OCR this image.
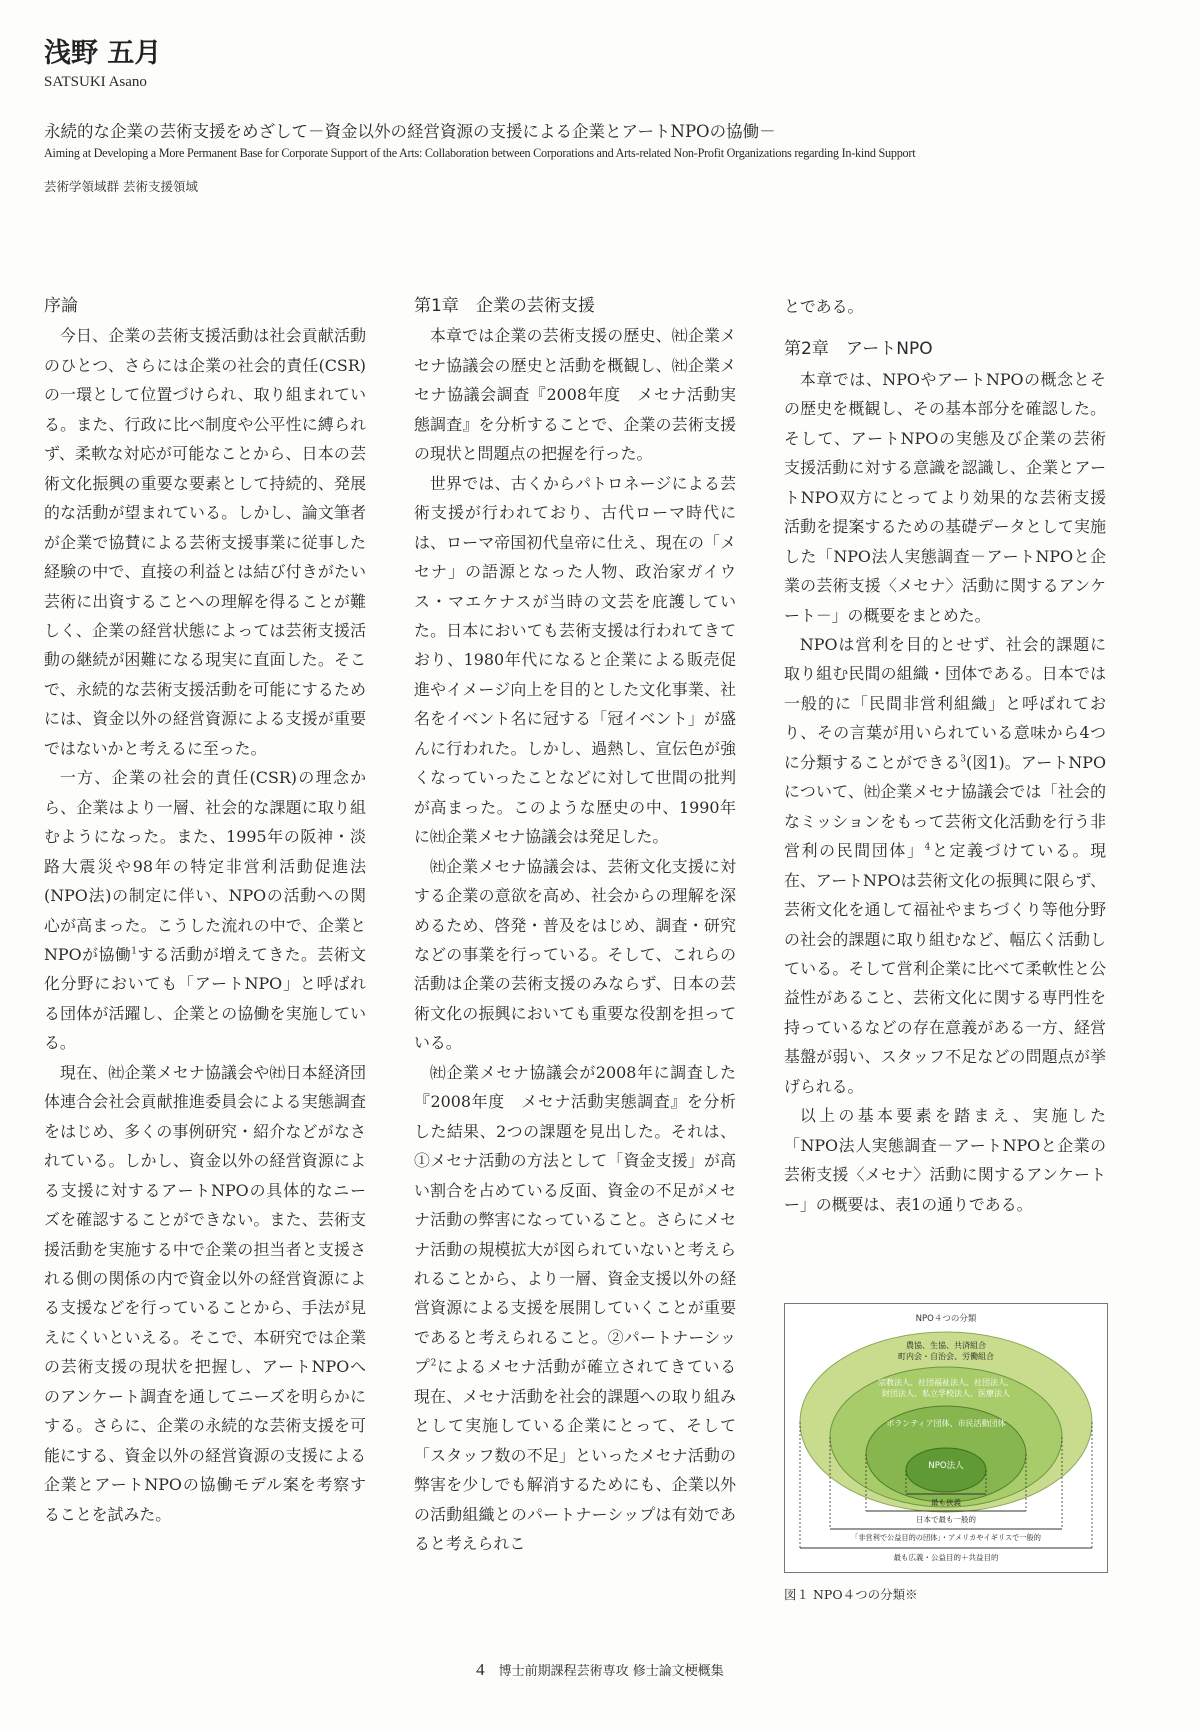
浅野 五月
SATSUKI Asano
永続的な企業の芸術支援をめざして－資金以外の経営資源の支援による企業とアートNPOの協働－
Aiming at Developing a More Permanent Base for Corporate Support of the Arts: Collaboration between Corporations and Arts-related Non-Profit Organizations regarding In-kind Support
芸術学領域群 芸術支援領域
序論

今日、企業の芸術支援活動は社会貢献活動のひとつ、さらには企業の社会的責任(CSR)の一環として位置づけられ、取り組まれている。また、行政に比べ制度や公平性に縛られず、柔軟な対応が可能なことから、日本の芸術文化振興の重要な要素として持続的、発展的な活動が望まれている。しかし、論文筆者が企業で協賛による芸術支援事業に従事した経験の中で、直接の利益とは結び付きがたい芸術に出資することへの理解を得ることが難しく、企業の経営状態によっては芸術支援活動の継続が困難になる現実に直面した。そこで、永続的な芸術支援活動を可能にするためには、資金以外の経営資源による支援が重要ではないかと考えるに至った。

一方、企業の社会的責任(CSR)の理念から、企業はより一層、社会的な課題に取り組むようになった。また、1995年の阪神・淡路大震災や98年の特定非営利活動促進法(NPO法)の制定に伴い、NPOの活動への関心が高まった。こうした流れの中で、企業とNPOが協働$^1$する活動が増えてきた。芸術文化分野においても「アートNPO」と呼ばれる団体が活躍し、企業との協働を実施している。

現在、㈳企業メセナ協議会や㈳日本経済団体連合会社会貢献推進委員会による実態調査をはじめ、多くの事例研究・紹介などがなされている。しかし、資金以外の経営資源による支援に対するアートNPOの具体的なニーズを確認することができない。また、芸術支援活動を実施する中で企業の担当者と支援される側の関係の内で資金以外の経営資源による支援などを行っていることから、手法が見えにくいといえる。そこで、本研究では企業の芸術支援の現状を把握し、アートNPOへのアンケート調査を通してニーズを明らかにする。さらに、企業の永続的な芸術支援を可能にする、資金以外の経営資源の支援による企業とアートNPOの協働モデル案を考察することを試みた。

第1章　企業の芸術支援

本章では企業の芸術支援の歴史、㈳企業メセナ協議会の歴史と活動を概観し、㈳企業メセナ協議会調査『2008年度　メセナ活動実態調査』を分析することで、企業の芸術支援の現状と問題点の把握を行った。

世界では、古くからパトロネージによる芸術支援が行われており、古代ローマ時代には、ローマ帝国初代皇帝に仕え、現在の「メセナ」の語源となった人物、政治家ガイウス・マエケナスが当時の文芸を庇護していた。日本においても芸術支援は行われてきており、1980年代になると企業による販売促進やイメージ向上を目的とした文化事業、社名をイベント名に冠する「冠イベント」が盛んに行われた。しかし、過熱し、宣伝色が強くなっていったことなどに対して世間の批判が高まった。このような歴史の中、1990年に㈳企業メセナ協議会は発足した。

㈳企業メセナ協議会は、芸術文化支援に対する企業の意欲を高め、社会からの理解を深めるため、啓発・普及をはじめ、調査・研究などの事業を行っている。そして、これらの活動は企業の芸術支援のみならず、日本の芸術文化の振興においても重要な役割を担っている。

㈳企業メセナ協議会が2008年に調査した『2008年度　メセナ活動実態調査』を分析した結果、2つの課題を見出した。それは、①メセナ活動の方法として「資金支援」が高い割合を占めている反面、資金の不足がメセナ活動の弊害になっていること。さらにメセナ活動の規模拡大が図られていないと考えられることから、より一層、資金支援以外の経営資源による支援を展開していくことが重要であると考えられること。②パートナーシップ$^2$によるメセナ活動が確立されてきている現在、メセナ活動を社会的課題への取り組みとして実施している企業にとって、そして「スタッフ数の不足」といったメセナ活動の弊害を少しでも解消するためにも、企業以外の活動組織とのパートナーシップは有効であると考えられこ

とである。

第2章　アートNPO

本章では、NPOやアートNPOの概念とその歴史を概観し、その基本部分を確認した。そして、アートNPOの実態及び企業の芸術支援活動に対する意識を認識し、企業とアートNPO双方にとってより効果的な芸術支援活動を提案するための基礎データとして実施した「NPO法人実態調査－アートNPOと企業の芸術支援〈メセナ〉活動に関するアンケート－」の概要をまとめた。

NPOは営利を目的とせず、社会的課題に取り組む民間の組織・団体である。日本では一般的に「民間非営利組織」と呼ばれており、その言葉が用いられている意味から4つに分類することができる$^3$(図1)。アートNPOについて、㈳企業メセナ協議会では「社会的なミッションをもって芸術文化活動を行う非営利の民間団体」$^4$と定義づけている。現在、アートNPOは芸術文化の振興に限らず、芸術文化を通して福祉やまちづくり等他分野の社会的課題に取り組むなど、幅広く活動している。そして営利企業に比べて柔軟性と公益性があること、芸術文化に関する専門性を持っているなどの存在意義がある一方、経営基盤が弱い、スタッフ不足などの問題点が挙げられる。

以上の基本要素を踏まえ、実施した「NPO法人実態調査－アートNPOと企業の芸術支援〈メセナ〉活動に関するアンケートー」の概要は、表1の通りである。

NPO４つの分類
農協、生協、共済組合
町内会・自治会、労働組合
宗教法人、社団福祉法人、社団法人、
財団法人、私立学校法人、医療法人
ボランティア団体、市民活動団体
NPO法人
最も狭義
日本で最も一般的
「非営利で公益目的の団体」・アメリカやイギリスで一般的
最も広義・公益目的＋共益目的
図１ NPO４つの分類※
4 博士前期課程芸術専攻 修士論文梗概集
